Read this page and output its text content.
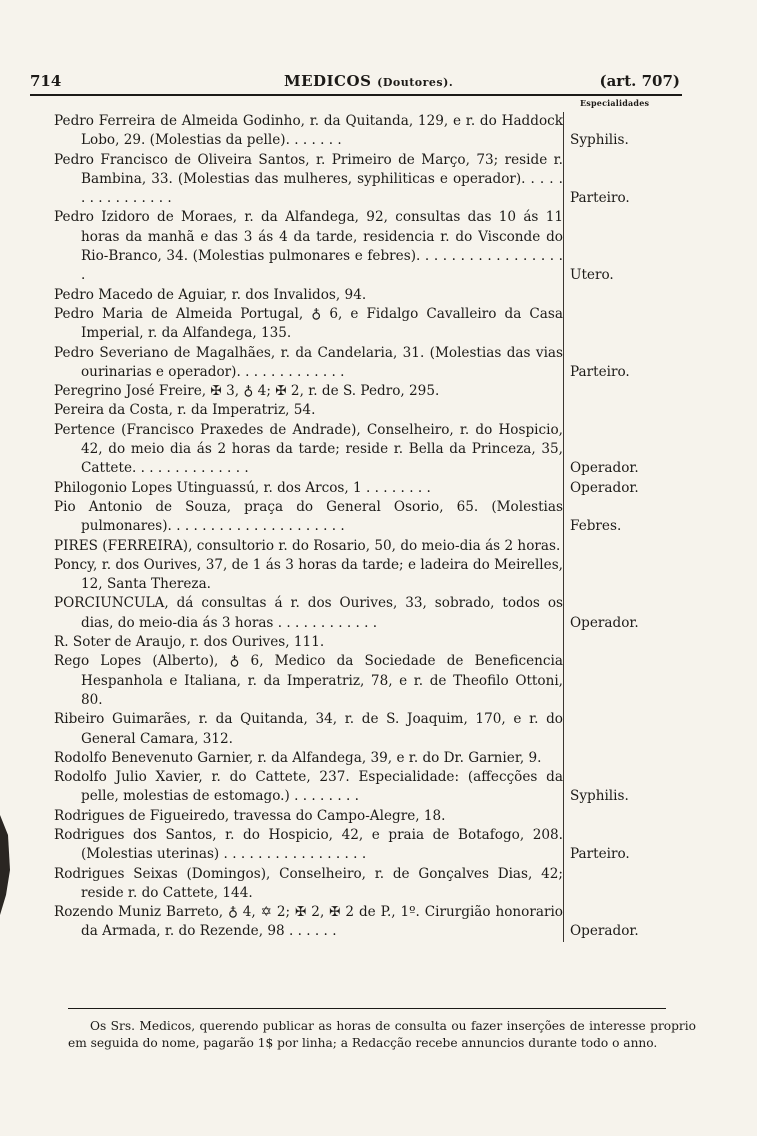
714	MEDICOS (Doutores).	(art. 707)
Especialidades
Pedro Ferreira de Almeida Godinho, r. da Quitanda, 129, e r. do Haddock Lobo, 29. (Molestias da pelle). . . . . . .	Syphilis.
Pedro Francisco de Oliveira Santos, r. Primeiro de Março, 73; reside r. Bambina, 33. (Molestias das mulheres, syphiliticas e operador). . . . . . . . . . . . . . . .	Parteiro.
Pedro Izidoro de Moraes, r. da Alfandega, 92, consultas das 10 ás 11 horas da manhã e das 3 ás 4 da tarde, residencia r. do Visconde do Rio-Branco, 34. (Molestias pulmonares e febres). . . . . . . . . . . . . . . . . .	Utero.
Pedro Macedo de Aguiar, r. dos Invalidos, 94.
Pedro Maria de Almeida Portugal, ♁ 6, e Fidalgo Cavalleiro da Casa Imperial, r. da Alfandega, 135.
Pedro Severiano de Magalhães, r. da Candelaria, 31. (Molestias das vias ourinarias e operador). . . . . . . . . . . . .	Parteiro.
Peregrino José Freire, ✠ 3, ♁ 4; ✠ 2, r. de S. Pedro, 295.
Pereira da Costa, r. da Imperatriz, 54.
Pertence (Francisco Praxedes de Andrade), Conselheiro, r. do Hospicio, 42, do meio dia ás 2 horas da tarde; reside r. Bella da Princeza, 35, Cattete. . . . . . . . . . . . . .	Operador.
Philogonio Lopes Utinguassú, r. dos Arcos, 1 . . . . . . . .	Operador.
Pio Antonio de Souza, praça do General Osorio, 65. (Molestias pulmonares). . . . . . . . . . . . . . . . . . . . .	Febres.
PIRES (FERREIRA), consultorio r. do Rosario, 50, do meio-dia ás 2 horas.
Poncy, r. dos Ourives, 37, de 1 ás 3 horas da tarde; e ladeira do Meirelles, 12, Santa Thereza.
PORCIUNCULA, dá consultas á r. dos Ourives, 33, sobrado, todos os dias, do meio-dia ás 3 horas . . . . . . . . . . . .	Operador.
R. Soter de Araujo, r. dos Ourives, 111.
Rego Lopes (Alberto), ♁ 6, Medico da Sociedade de Beneficencia Hespanhola e Italiana, r. da Imperatriz, 78, e r. de Theofilo Ottoni, 80.
Ribeiro Guimarães, r. da Quitanda, 34, r. de S. Joaquim, 170, e r. do General Camara, 312.
Rodolfo Benevenuto Garnier, r. da Alfandega, 39, e r. do Dr. Garnier, 9.
Rodolfo Julio Xavier, r. do Cattete, 237. Especialidade: (affecções da pelle, molestias de estomago.) . . . . . . . .	Syphilis.
Rodrigues de Figueiredo, travessa do Campo-Alegre, 18.
Rodrigues dos Santos, r. do Hospicio, 42, e praia de Botafogo, 208. (Molestias uterinas) . . . . . . . . . . . . . . . . .	Parteiro.
Rodrigues Seixas (Domingos), Conselheiro, r. de Gonçalves Dias, 42; reside r. do Cattete, 144.
Rozendo Muniz Barreto, ♁ 4, ✡ 2; ✠ 2, ✠ 2 de P., 1º. Cirurgião honorario da Armada, r. do Rezende, 98 . . . . . .	Operador.
Os Srs. Medicos, querendo publicar as horas de consulta ou fazer inserções de interesse proprio em seguida do nome, pagarão 1$ por linha; a Redacção recebe annuncios durante todo o anno.
